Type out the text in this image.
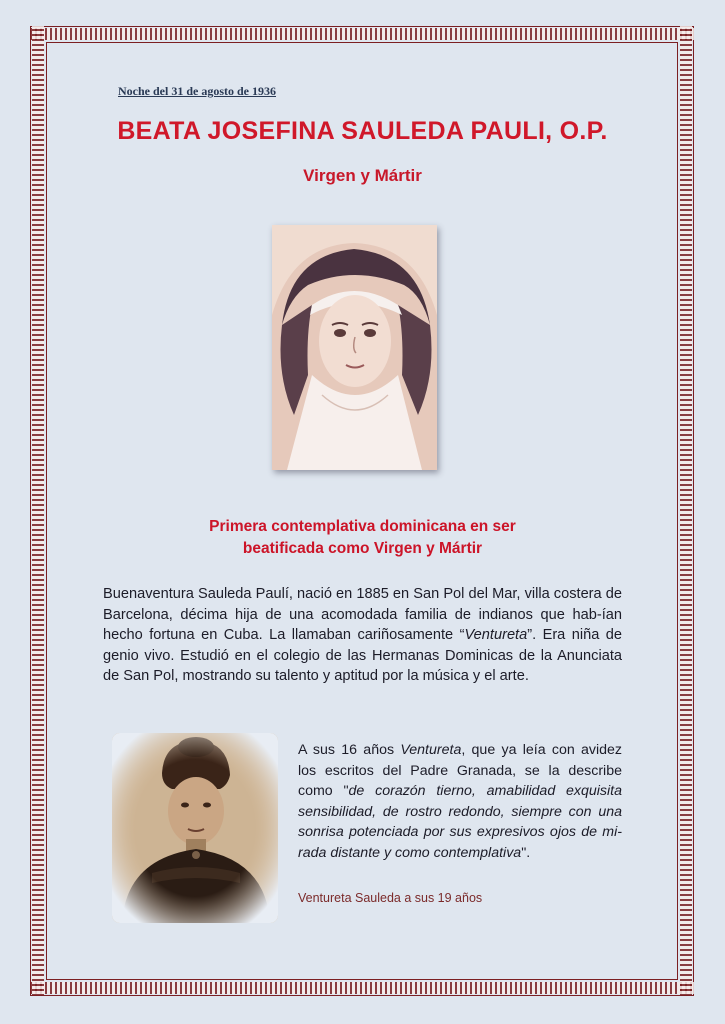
Noche del 31 de agosto de 1936
BEATA JOSEFINA SAULEDA PAULI, O.P.
Virgen y Mártir
Primera contemplativa dominicana en ser
beatificada como Virgen y Mártir
Buenaventura Sauleda Paulí, nació en 1885 en San Pol del Mar, villa costera de Barcelona, décima hija de una acomodada familia de indianos que hab-ían hecho fortuna en Cuba. La llamaban cariñosamente “Ventureta”. Era niña de genio vivo. Estudió en el colegio de las Hermanas Dominicas de la Anunciata de San Pol, mostrando su talento y aptitud por la música y el arte.
A sus 16 años Ventureta, que ya leía con avidez los escritos del Padre Granada, se la describe como "de corazón tierno, amabilidad exquisita sensibilidad, de rostro redondo, siempre con una sonrisa potenciada por sus expresivos ojos de mi-rada distante y como contemplativa".
Ventureta Sauleda a sus 19 años
